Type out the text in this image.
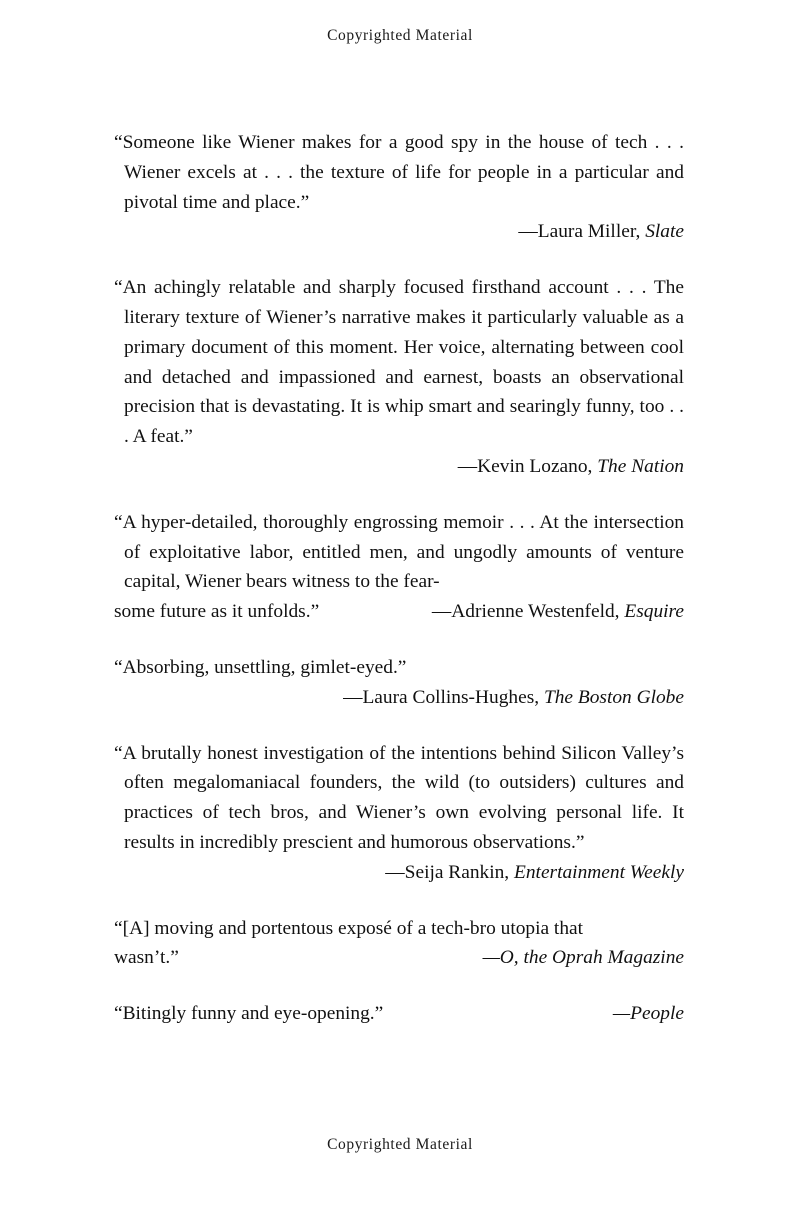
Copyrighted Material

“Someone like Wiener makes for a good spy in the house of tech . . . Wiener excels at . . . the texture of life for people in a particular and pivotal time and place.”

—Laura Miller, Slate

“An achingly relatable and sharply focused firsthand account . . . The literary texture of Wiener’s narrative makes it particularly valuable as a primary document of this moment. Her voice, alternating between cool and detached and impassioned and earnest, boasts an observational precision that is devastating. It is whip smart and searingly funny, too . . . A feat.”

—Kevin Lozano, The Nation

“A hyper-detailed, thoroughly engrossing memoir . . . At the intersection of exploitative labor, entitled men, and ungodly amounts of venture capital, Wiener bears witness to the fear-

some future as it unfolds.”	—Adrienne Westenfeld, Esquire

“Absorbing, unsettling, gimlet-eyed.”

—Laura Collins-Hughes, The Boston Globe

“A brutally honest investigation of the intentions behind Silicon Valley’s often megalomaniacal founders, the wild (to outsiders) cultures and practices of tech bros, and Wiener’s own evolving personal life. It results in incredibly prescient and humorous observations.”

—Seija Rankin, Entertainment Weekly

“[A] moving and portentous exposé of a tech-bro utopia that

wasn’t.”	—O, the Oprah Magazine
“Bitingly funny and eye-opening.”	—People
Copyrighted Material
